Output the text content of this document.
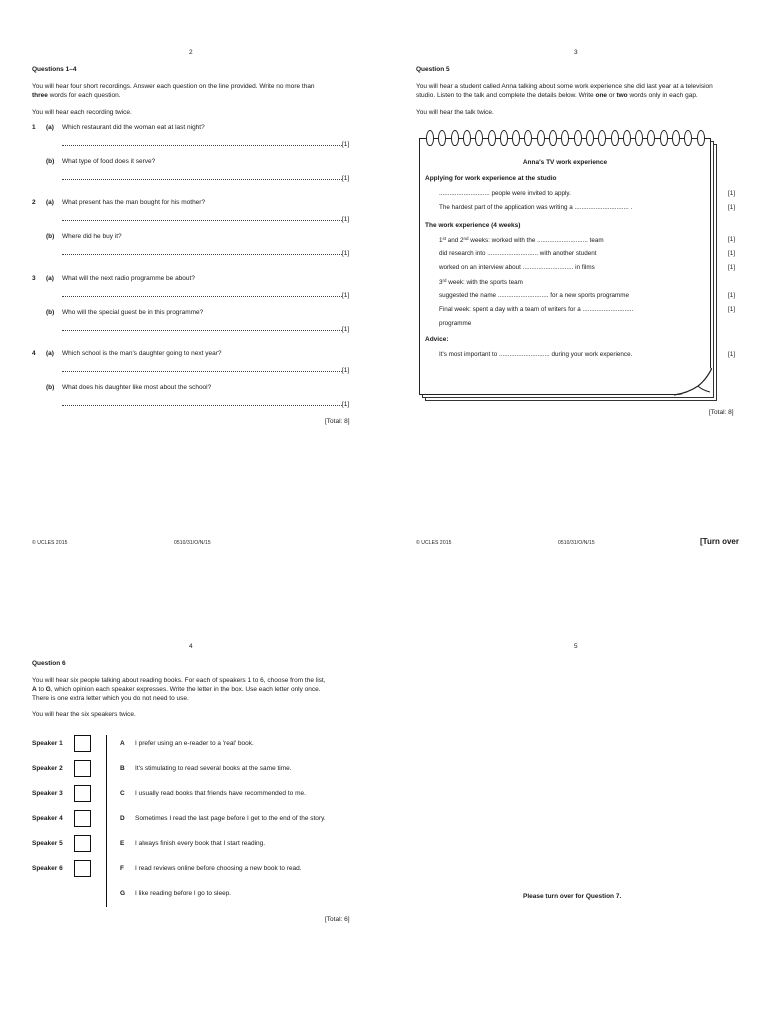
2
Questions 1–4
You will hear four short recordings. Answer each question on the line provided. Write no more than
three words for each question.
You will hear each recording twice.
1 (a) Which restaurant did the woman eat at last night?
[1]
(b) What type of food does it serve?
[1]
2 (a) What present has the man bought for his mother?
[1]
(b) Where did he buy it?
[1]
3 (a) What will the next radio programme be about?
[1]
(b) Who will the special guest be in this programme?
[1]
4 (a) Which school is the man's daughter going to next year?
[1]
(b) What does his daughter like most about the school?
[1]
[Total: 8]
© UCLES 2015	0510/31/O/N/15
3
Question 5
You will hear a student called Anna talking about some work experience she did last year at a television
studio. Listen to the talk and complete the details below. Write one or two words only in each gap.
You will hear the talk twice.
Anna's TV work experience
Applying for work experience at the studio
............................. people were invited to apply.	[1]
The hardest part of the application was writing a ............................... .	[1]
The work experience (4 weeks)
1st and 2nd weeks: worked with the ............................. team	[1]
did research into ............................. with another student	[1]
worked on an interview about ............................. in films	[1]
3rd week: with the sports team
suggested the name ............................. for a new sports programme	[1]
Final week: spent a day with a team of writers for a .............................	[1]
programme
Advice:
It's most important to ............................. during your work experience.	[1]
[Total: 8]
© UCLES 2015	0510/31/O/N/15	[Turn over
4
Question 6
You will hear six people talking about reading books. For each of speakers 1 to 6, choose from the list,
A to G, which opinion each speaker expresses. Write the letter in the box. Use each letter only once.
There is one extra letter which you do not need to use.
You will hear the six speakers twice.
Speaker 1
Speaker 2
Speaker 3
Speaker 4
Speaker 5
Speaker 6
A I prefer using an e-reader to a 'real' book.
B It's stimulating to read several books at the same time.
C I usually read books that friends have recommended to me.
D Sometimes I read the last page before I get to the end of the story.
E I always finish every book that I start reading.
F I read reviews online before choosing a new book to read.
G I like reading before I go to sleep.
[Total: 6]
5
Please turn over for Question 7.
